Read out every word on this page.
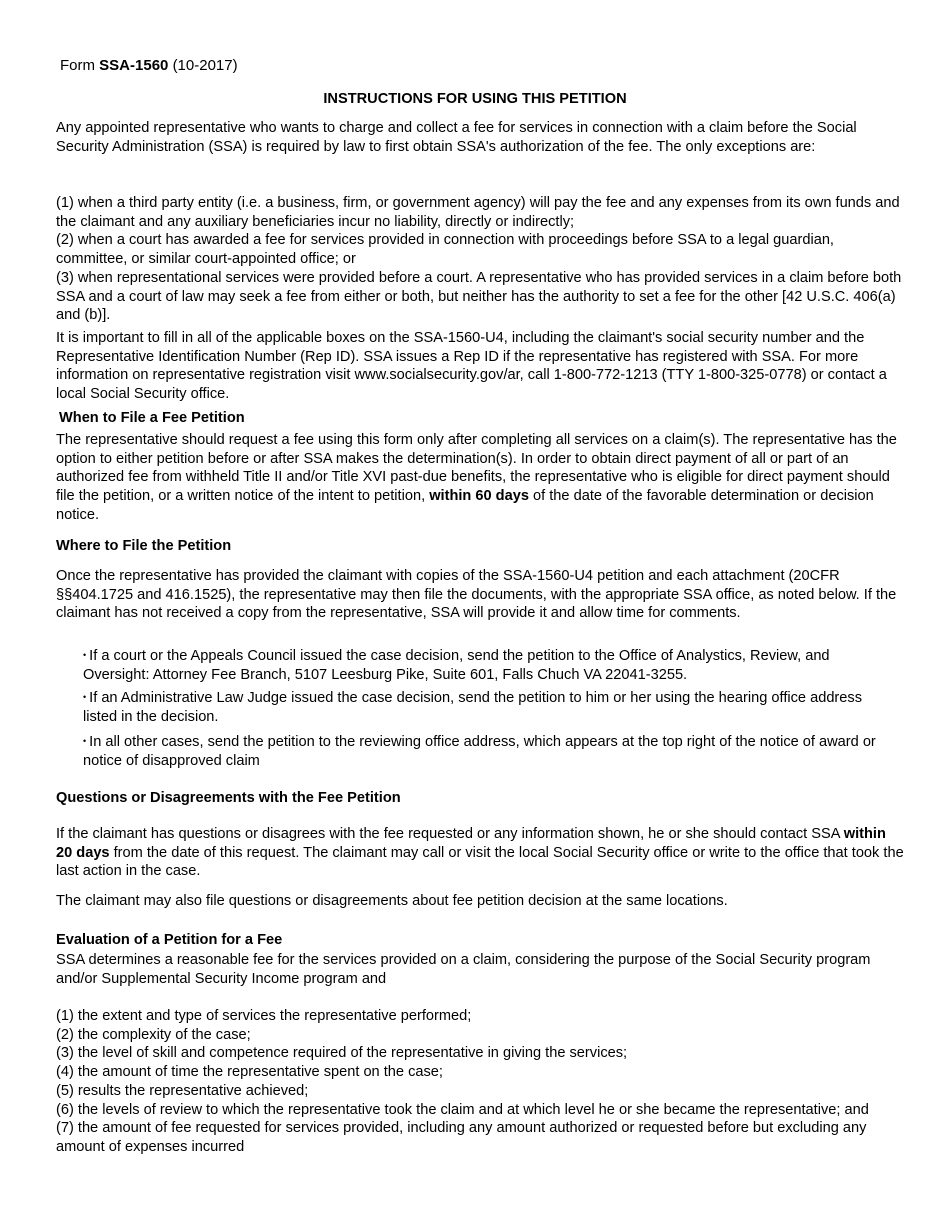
Form SSA-1560 (10-2017)
INSTRUCTIONS FOR USING THIS PETITION

Any appointed representative who wants to charge and collect a fee for services in connection with a claim before the Social Security Administration (SSA) is required by law to first obtain SSA's authorization of the fee. The only exceptions are:

(1) when a third party entity (i.e. a business, firm, or government agency) will pay the fee and any expenses from its own funds and the claimant and any auxiliary beneficiaries incur no liability, directly or indirectly;
(2) when a court has awarded a fee for services provided in connection with proceedings before SSA to a legal guardian, committee, or similar court-appointed office; or
(3) when representational services were provided before a court. A representative who has provided services in a claim before both SSA and a court of law may seek a fee from either or both, but neither has the authority to set a fee for the other [42 U.S.C. 406(a) and (b)].

It is important to fill in all of the applicable boxes on the SSA-1560-U4, including the claimant's social security number and the Representative Identification Number (Rep ID). SSA issues a Rep ID if the representative has registered with SSA. For more information on representative registration visit www.socialsecurity.gov/ar, call 1-800-772-1213 (TTY 1-800-325-0778) or contact a local Social Security office.

When to File a Fee Petition

The representative should request a fee using this form only after completing all services on a claim(s). The representative has the option to either petition before or after SSA makes the determination(s). In order to obtain direct payment of all or part of an authorized fee from withheld Title II and/or Title XVI past-due benefits, the representative who is eligible for direct payment should file the petition, or a written notice of the intent to petition, within 60 days of the date of the favorable determination or decision notice.

Where to File the Petition

Once the representative has provided the claimant with copies of the SSA-1560-U4 petition and each attachment (20CFR §§404.1725 and 416.1525), the representative may then file the documents, with the appropriate SSA office, as noted below. If the claimant has not received a copy from the representative, SSA will provide it and allow time for comments.

• If a court or the Appeals Council issued the case decision, send the petition to the Office of Analystics, Review, and Oversight: Attorney Fee Branch, 5107 Leesburg Pike, Suite 601, Falls Chuch VA 22041-3255.

• If an Administrative Law Judge issued the case decision, send the petition to him or her using the hearing office address listed in the decision.

• In all other cases, send the petition to the reviewing office address, which appears at the top right of the notice of award or notice of disapproved claim

Questions or Disagreements with the Fee Petition

If the claimant has questions or disagrees with the fee requested or any information shown, he or she should contact SSA within 20 days from the date of this request. The claimant may call or visit the local Social Security office or write to the office that took the last action in the case.

The claimant may also file questions or disagreements about fee petition decision at the same locations.

Evaluation of a Petition for a Fee

SSA determines a reasonable fee for the services provided on a claim, considering the purpose of the Social Security program and/or Supplemental Security Income program and

(1) the extent and type of services the representative performed;
(2) the complexity of the case;
(3) the level of skill and competence required of the representative in giving the services;
(4) the amount of time the representative spent on the case;
(5) results the representative achieved;
(6) the levels of review to which the representative took the claim and at which level he or she became the representative; and
(7) the amount of fee requested for services provided, including any amount authorized or requested before but excluding any amount of expenses incurred
